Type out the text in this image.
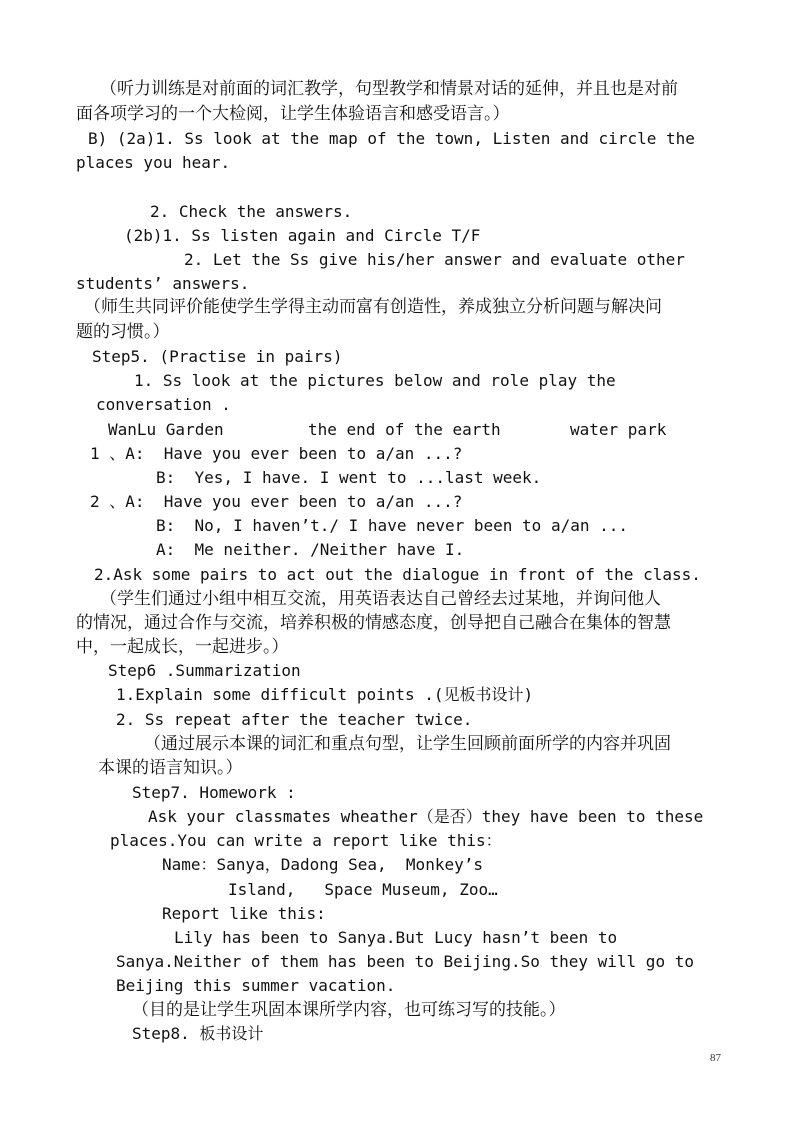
（听力训练是对前面的词汇教学，句型教学和情景对话的延伸，并且也是对前
面各项学习的一个大检阅，让学生体验语言和感受语言。）
B) (2a)1. Ss look at the map of the town, Listen and circle the
places you hear.
2. Check the answers.
(2b)1. Ss listen again and Circle T/F
2. Let the Ss give his/her answer and evaluate other
students’ answers.
（师生共同评价能使学生学得主动而富有创造性，养成独立分析问题与解决问
题的习惯。）
Step5. (Practise in pairs)
1. Ss look at the pictures below and role play the
conversation .
WanLu Garden	the end of the earth	water park
1 、A:  Have you ever been to a/an ...?
B:  Yes, I have. I went to ...last week.
2 、A:  Have you ever been to a/an ...?
B:  No, I haven’t./ I have never been to a/an ...
A:  Me neither. /Neither have I.
2.Ask some pairs to act out the dialogue in front of the class.
（学生们通过小组中相互交流，用英语表达自己曾经去过某地，并询问他人
的情况，通过合作与交流，培养积极的情感态度，创导把自己融合在集体的智慧
中，一起成长，一起进步。）
Step6 .Summarization
1.Explain some difficult points .(见板书设计)
2. Ss repeat after the teacher twice.
（通过展示本课的词汇和重点句型，让学生回顾前面所学的内容并巩固
本课的语言知识。）
Step7. Homework :
Ask your classmates wheather（是否）they have been to these
places.You can write a report like this：
Name：Sanya，Dadong Sea,  Monkey’s
Island,   Space Museum, Zoo…
Report like this:
Lily has been to Sanya.But Lucy hasn’t been to
Sanya.Neither of them has been to Beijing.So they will go to
Beijing this summer vacation.
（目的是让学生巩固本课所学内容，也可练习写的技能。）
Step8. 板书设计
87
